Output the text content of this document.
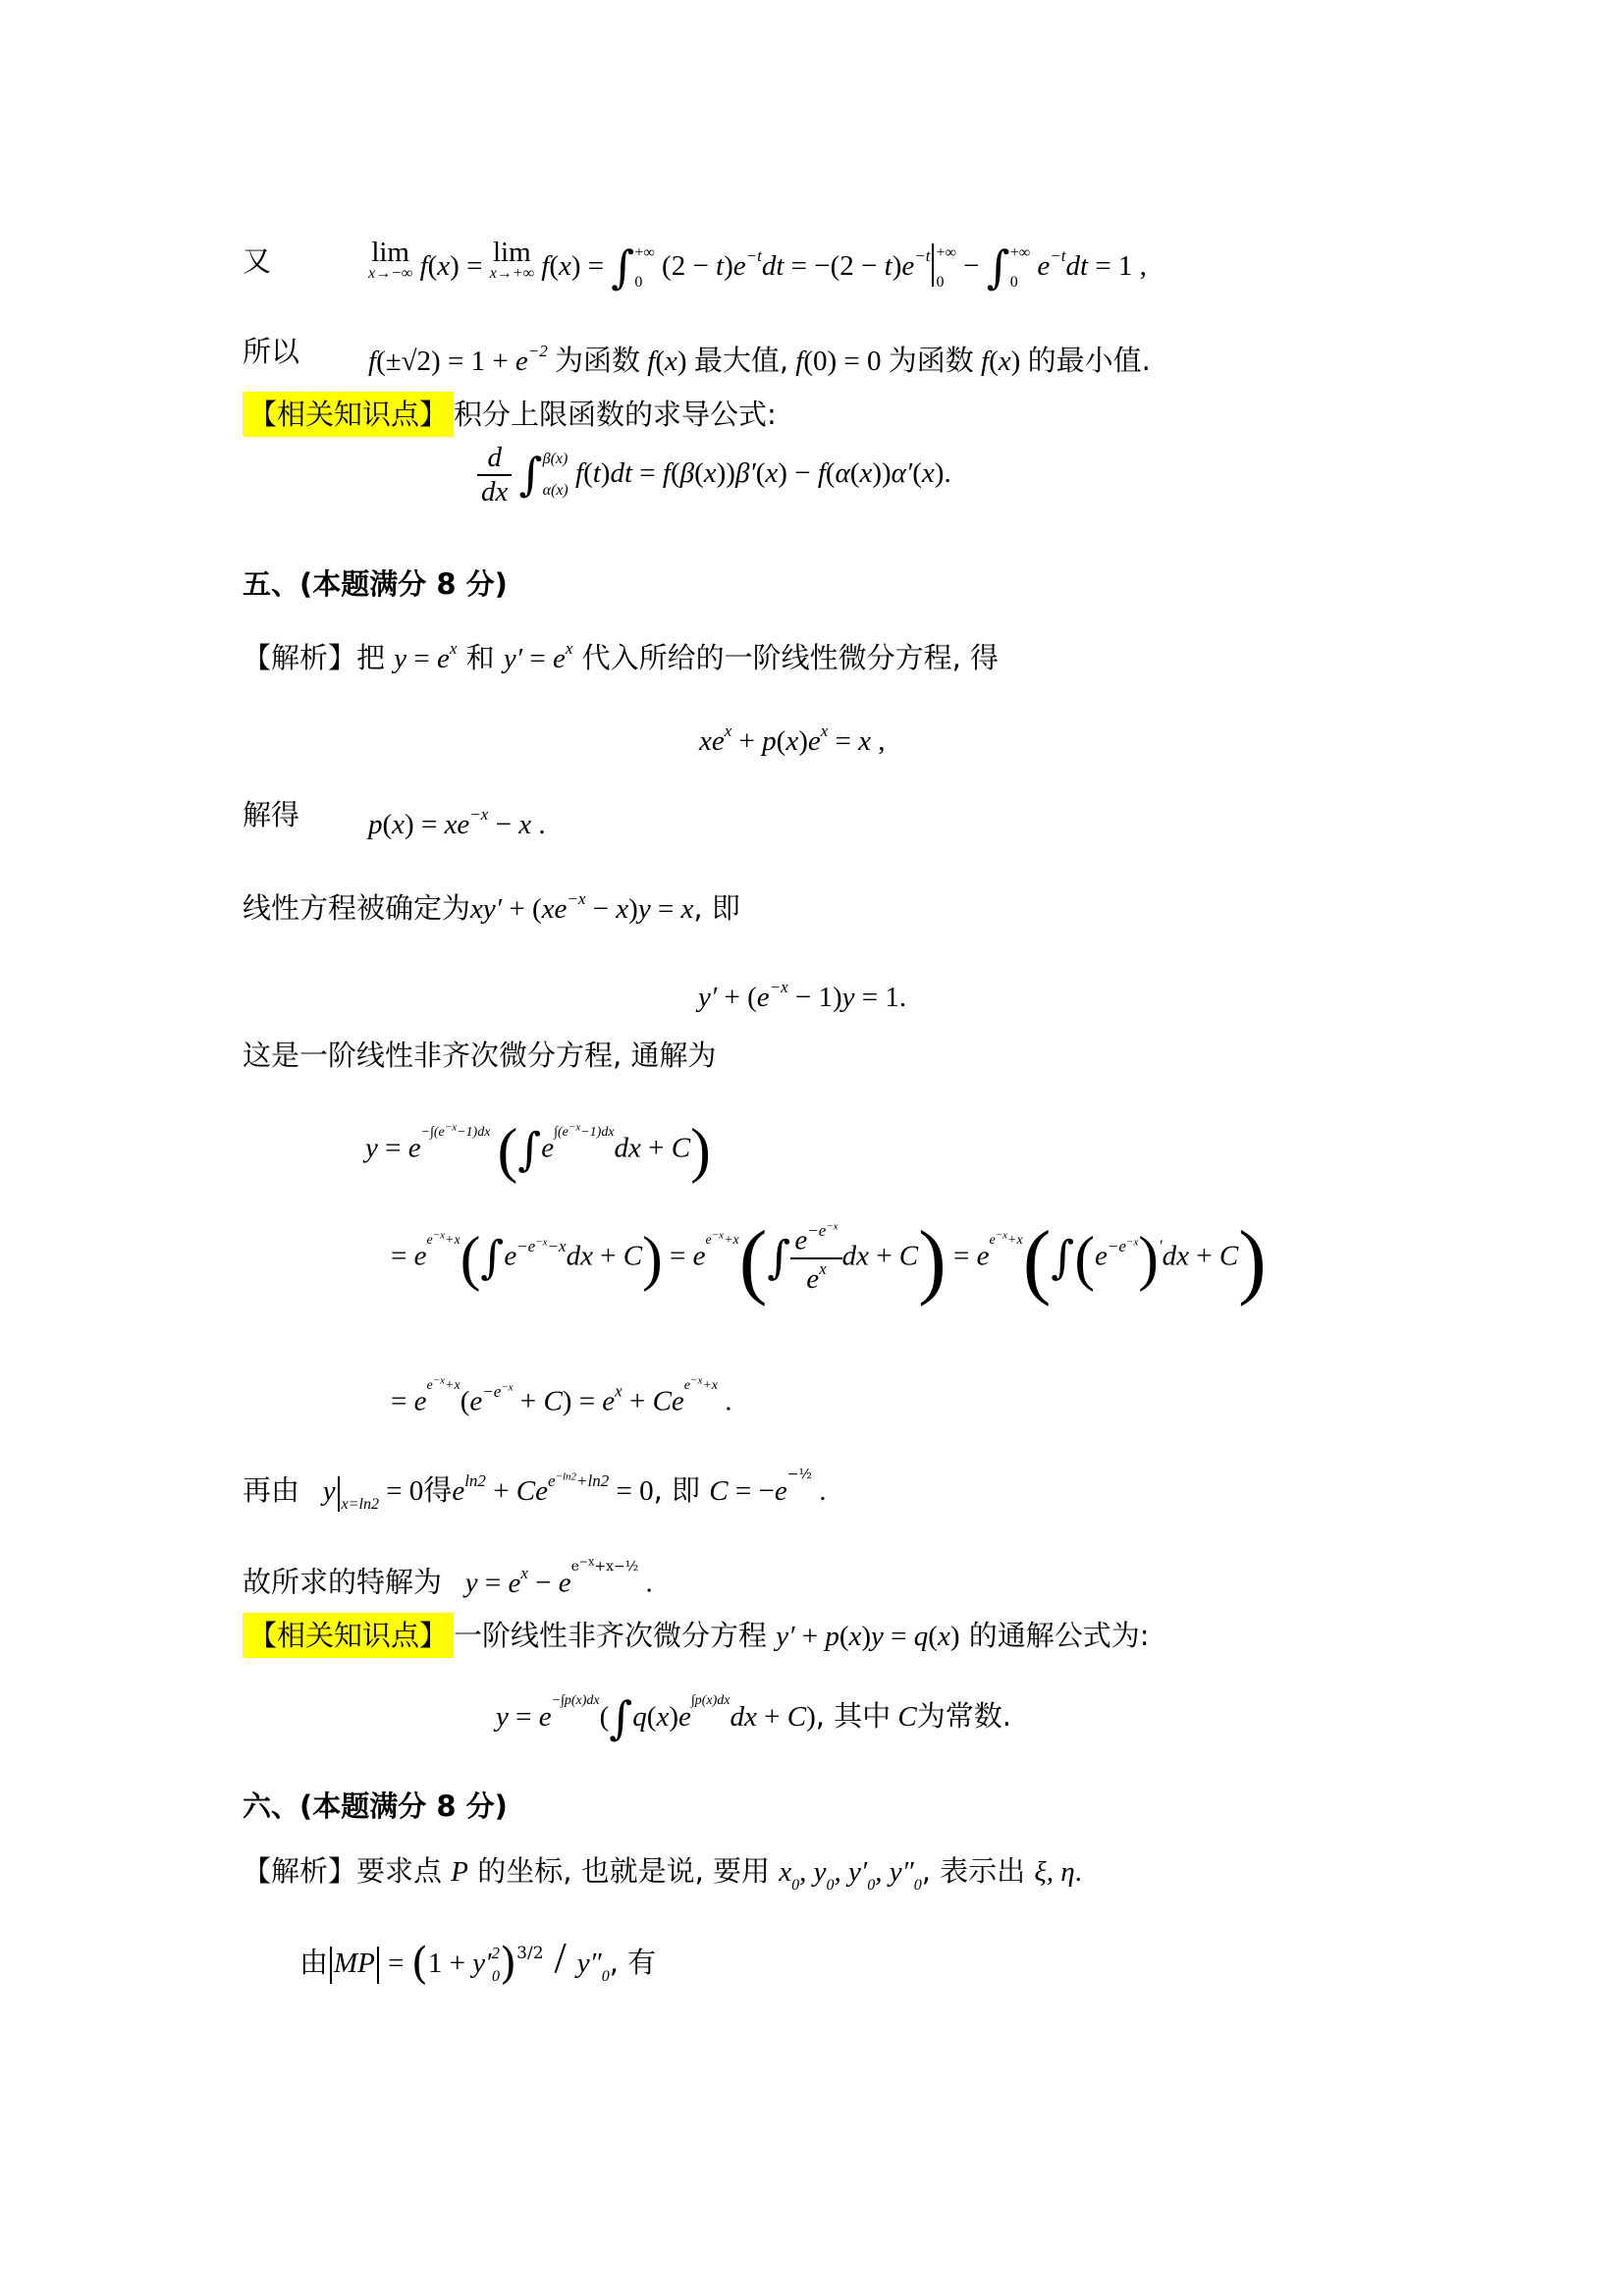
又	lim
x→−∞ f(x) = lim
x→+∞ f(x) = ∫ +∞
0
$(2 - t)e^{-t}dt = -(2 - t)e^{-t}$ +∞
0
− ∫ +∞
0
$e^{-t}dt = 1$ ,
所以 $f(\pm√2) = 1 + e^{-2}$ 为函数 f(x) 最大值, f(0) = 0 为函数 f(x) 的最小值.
【相关知识点】 积分上限函数的求导公式:
$\frac{d}{dx}$ ∫ β(x)
α(x)
f(t)dt = f(β(x))β′(x) − f(α(x))α′(x).
五、(本题满分 8 分)
【解析】把 $y = e^x$ 和 $y' = e^x$ 代入所给的一阶线性微分方程, 得
$xe^x + p(x)e^x = x$ ,
解得 $p(x) = xe^{-x} - x$ .
线性方程被确定为$xy' + (xe^{-x} - x)y = x$, 即
$y' + (e^{-x} - 1)y = 1$.
这是一阶线性非齐次微分方程, 通解为
$y = e^{-\int(e^{-x}-1)dx}$ $(\int e^{\int(e^{-x}-1)dx}dx + C)$
= $e^{e^{-x}+x}(\int e^{-e^{-x}-x}dx + C) = e^{e^{-x}+x}(\int \frac{e^{-e^{-x}}}{e^x}$ dx + $C) = e^{e^{-x}+x}(\int(e^{-e^{-x}})'dx + C)$
= $e^{e^{-x}+x}(e^{-e^{-x}} + C) = e^x + Ce^{e^{-x}+x}$ .
再由   y $_{x=ln2}$ = 0得$e^{ln2} + Ce^{e^{-ln2}+ln2} = 0$, 即 $C = -e^{-\frac{1}{2}}$ .
故所求的特解为   $y = e^x - e^{e^{-x}+x-\frac{1}{2}}$ .
【相关知识点】 一阶线性非齐次微分方程 y′ + p(x)y = q(x) 的通解公式为:
$y = e^{-\int p(x)dx}(\int q(x)e^{\int p(x)dx}dx + C)$, 其中 C为常数.
六、(本题满分 8 分)
【解析】要求点 P 的坐标, 也就是说, 要用 $x_0$, $y_0$, $y'_0$, $y''_0$, 表示出 ξ, η.
由 MP = $(1 + y'^2_0)^{3/2} / y''_0$, 有
